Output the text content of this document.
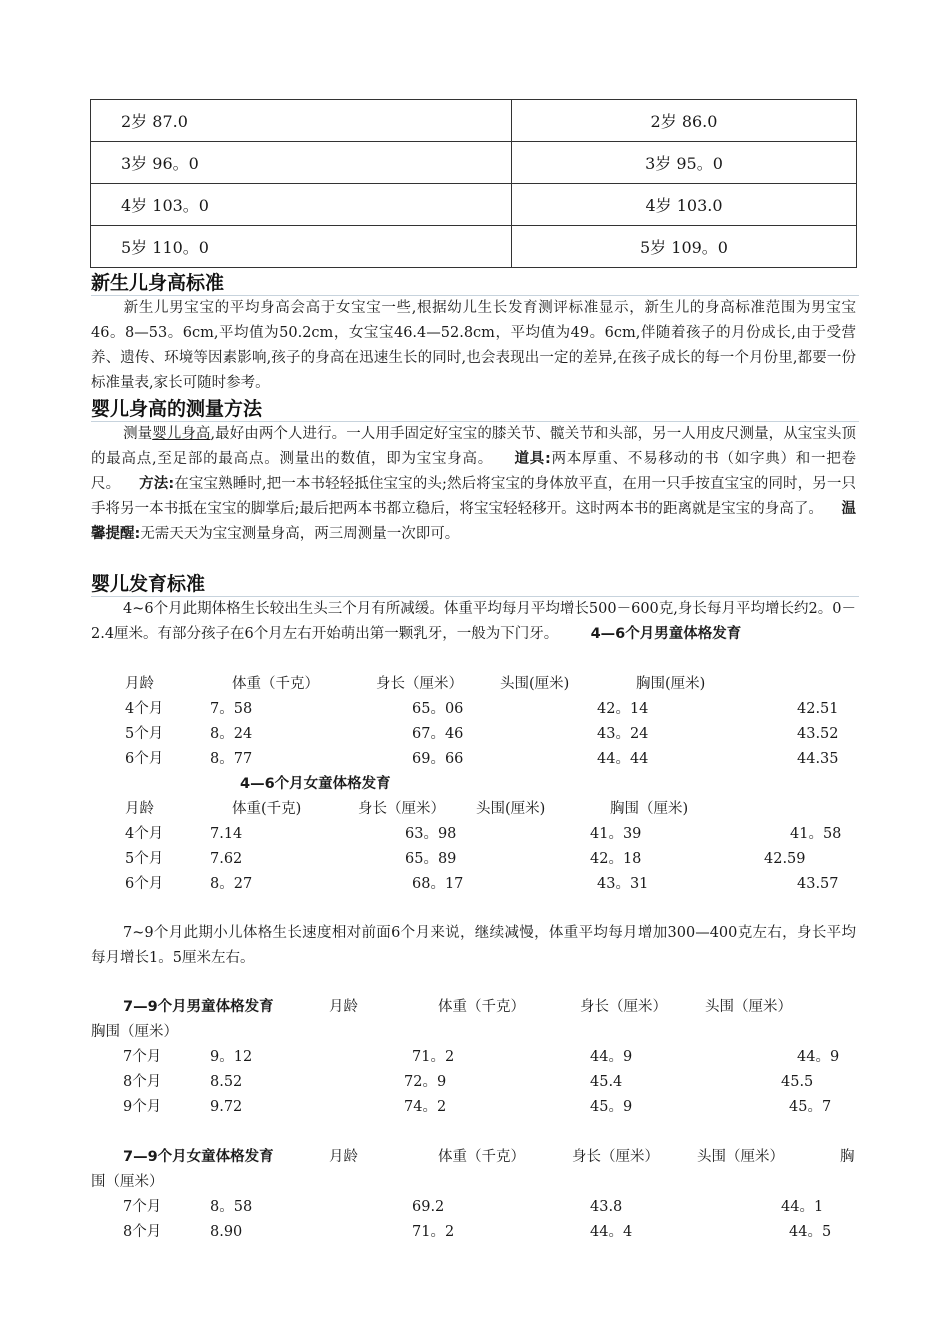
2岁 87.0	2岁 86.0
3岁 96。0	3岁 95。0
4岁 103。0	4岁 103.0
5岁 110。0	5岁 109。0
新生儿身高标准
新生儿男宝宝的平均身高会高于女宝宝一些,根据幼儿生长发育测评标准显示，新生儿的身高标准范围为男宝宝46。8—53。6cm,平均值为50.2cm，女宝宝46.4—52.8cm，平均值为49。6cm,伴随着孩子的月份成长,由于受营养、遗传、环境等因素影响,孩子的身高在迅速生长的同时,也会表现出一定的差异,在孩子成长的每一个月份里,都要一份标准量表,家长可随时参考。
婴儿身高的测量方法
测量婴儿身高,最好由两个人进行。一人用手固定好宝宝的膝关节、髋关节和头部，另一人用皮尺测量，从宝宝头顶的最高点,至足部的最高点。测量出的数值，即为宝宝身高。 道具:两本厚重、不易移动的书（如字典）和一把卷尺。 方法:在宝宝熟睡时,把一本书轻轻抵住宝宝的头;然后将宝宝的身体放平直，在用一只手按直宝宝的同时，另一只手将另一本书抵在宝宝的脚掌后;最后把两本书都立稳后，将宝宝轻轻移开。这时两本书的距离就是宝宝的身高了。 温馨提醒:无需天天为宝宝测量身高，两三周测量一次即可。
婴儿发育标准
4~6个月此期体格生长较出生头三个月有所减缓。体重平均每月平均增长500－600克,身长每月平均增长约2。0－2.4厘米。有部分孩子在6个月左右开始萌出第一颗乳牙，一般为下门牙。 4—6个月男童体格发育
月龄	体重（千克）	身长（厘米）	头围(厘米)	胸围(厘米)
4个月	7。58	65。06	42。14	42.51
5个月	8。24	67。46	43。24	43.52
6个月	8。77	69。66	44。44	44.35
4—6个月女童体格发育
月龄	体重(千克)	身长（厘米） 头围(厘米)	胸围（厘米)
4个月	7.14	63。98	41。39	41。58
5个月	7.62	65。89	42。18	42.59
6个月	8。27	68。17	43。31	43.57
7~9个月此期小儿体格生长速度相对前面6个月来说，继续减慢，体重平均每月增加300—400克左右，身长平均每月增长1。5厘米左右。
7—9个月男童体格发育	月龄	体重（千克）	身长（厘米）	头围（厘米）
胸围（厘米）
7个月	9。12	71。2	44。9	44。9
8个月	8.52	72。9	45.4	45.5
9个月	9.72	74。2	45。9	45。7
7—9个月女童体格发育	月龄	体重（千克）	身长（厘米）	头围（厘米）	胸
围（厘米）
7个月	8。58	69.2	43.8	44。1
8个月	8.90	71。2	44。4	44。5
